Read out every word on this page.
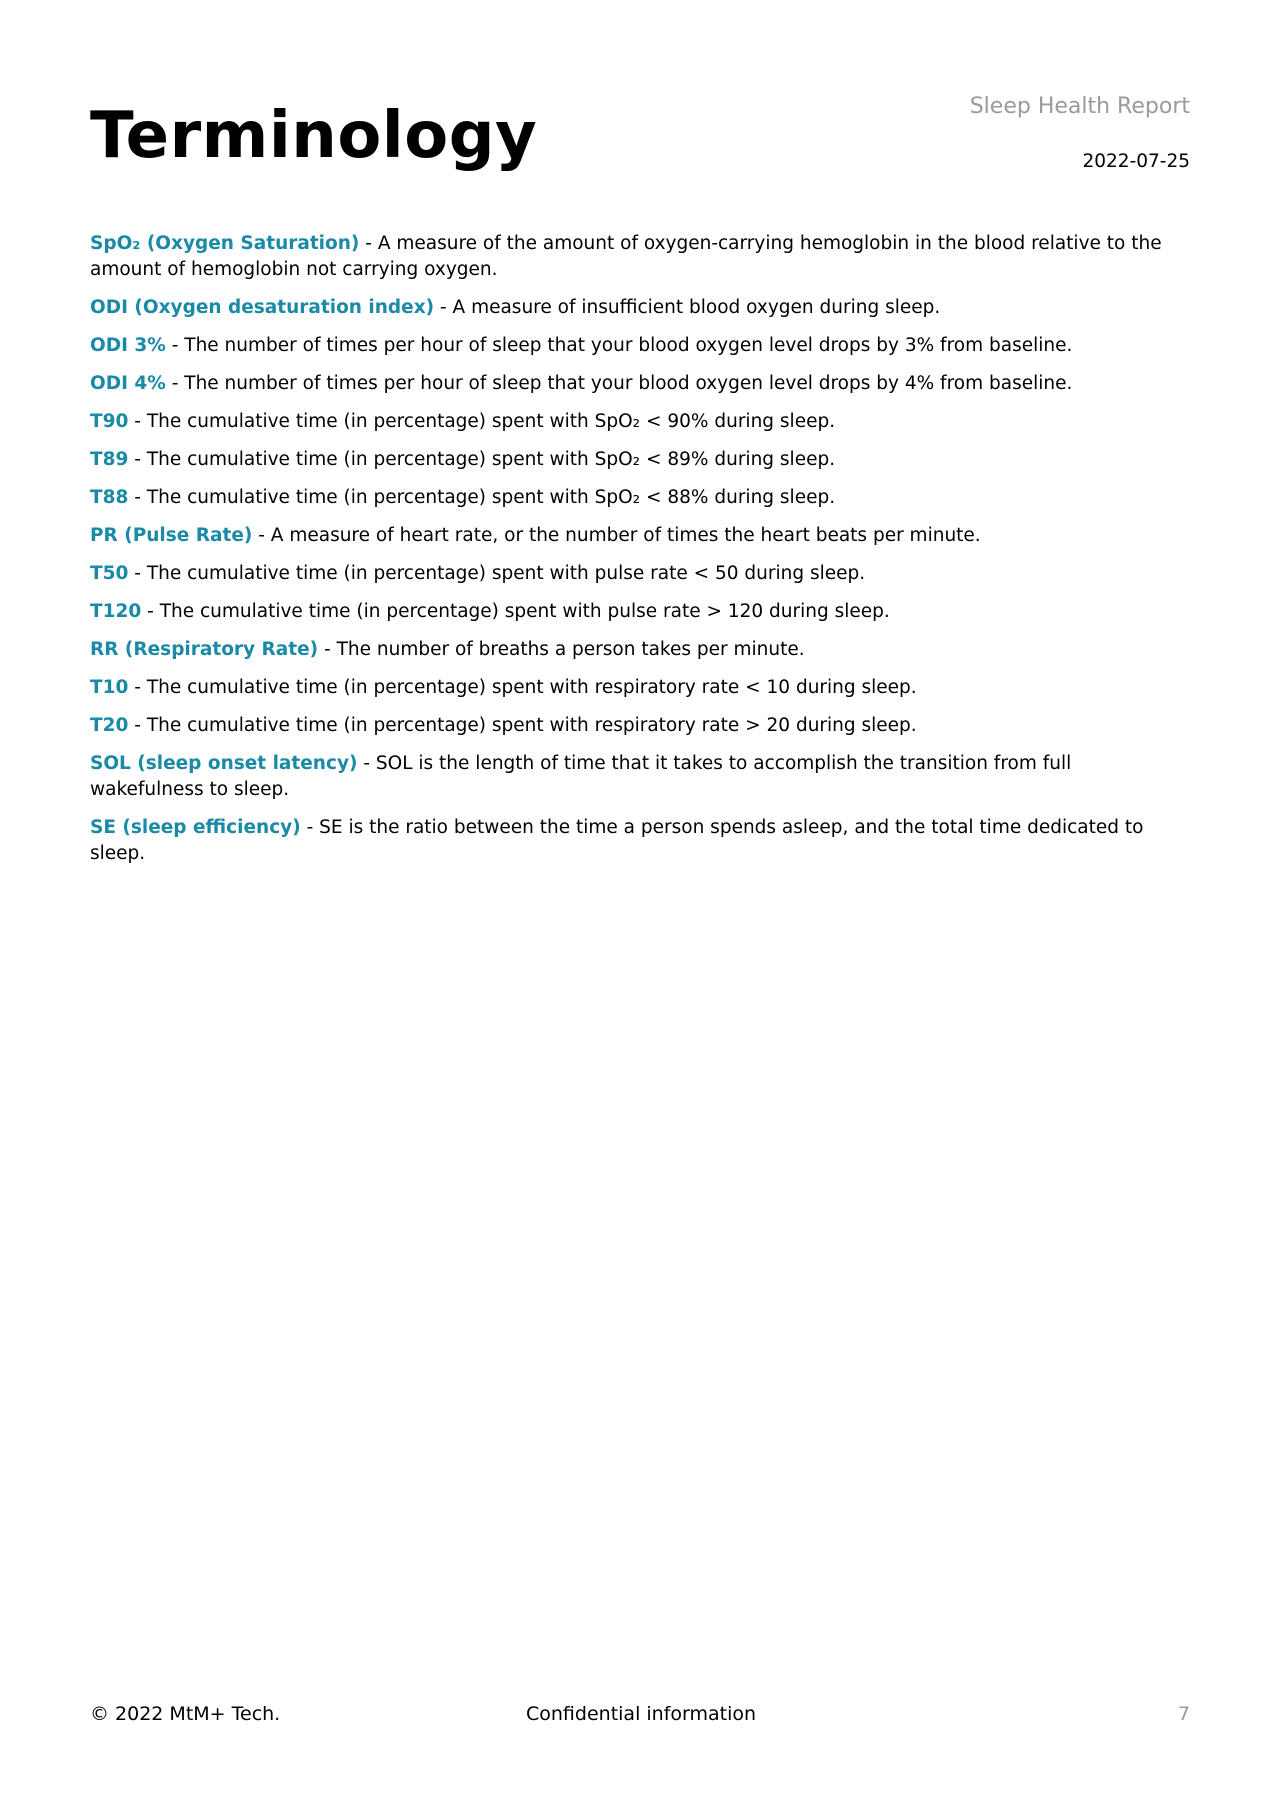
Terminology	Sleep Health Report
2022-07-25

SpO₂ (Oxygen Saturation) - A measure of the amount of oxygen-carrying hemoglobin in the blood relative to the amount of hemoglobin not carrying oxygen.

ODI (Oxygen desaturation index) - A measure of insufficient blood oxygen during sleep.

ODI 3% - The number of times per hour of sleep that your blood oxygen level drops by 3% from baseline.

ODI 4% - The number of times per hour of sleep that your blood oxygen level drops by 4% from baseline.

T90 - The cumulative time (in percentage) spent with SpO₂ < 90% during sleep.

T89 - The cumulative time (in percentage) spent with SpO₂ < 89% during sleep.

T88 - The cumulative time (in percentage) spent with SpO₂ < 88% during sleep.

PR (Pulse Rate) - A measure of heart rate, or the number of times the heart beats per minute.

T50 - The cumulative time (in percentage) spent with pulse rate < 50 during sleep.

T120 - The cumulative time (in percentage) spent with pulse rate > 120 during sleep.

RR (Respiratory Rate) - The number of breaths a person takes per minute.

T10 - The cumulative time (in percentage) spent with respiratory rate < 10 during sleep.

T20 - The cumulative time (in percentage) spent with respiratory rate > 20 during sleep.

SOL (sleep onset latency) - SOL is the length of time that it takes to accomplish the transition from full wakefulness to sleep.

SE (sleep efficiency) - SE is the ratio between the time a person spends asleep, and the total time dedicated to sleep.

© 2022 MtM+ Tech.	Confidential information	7
